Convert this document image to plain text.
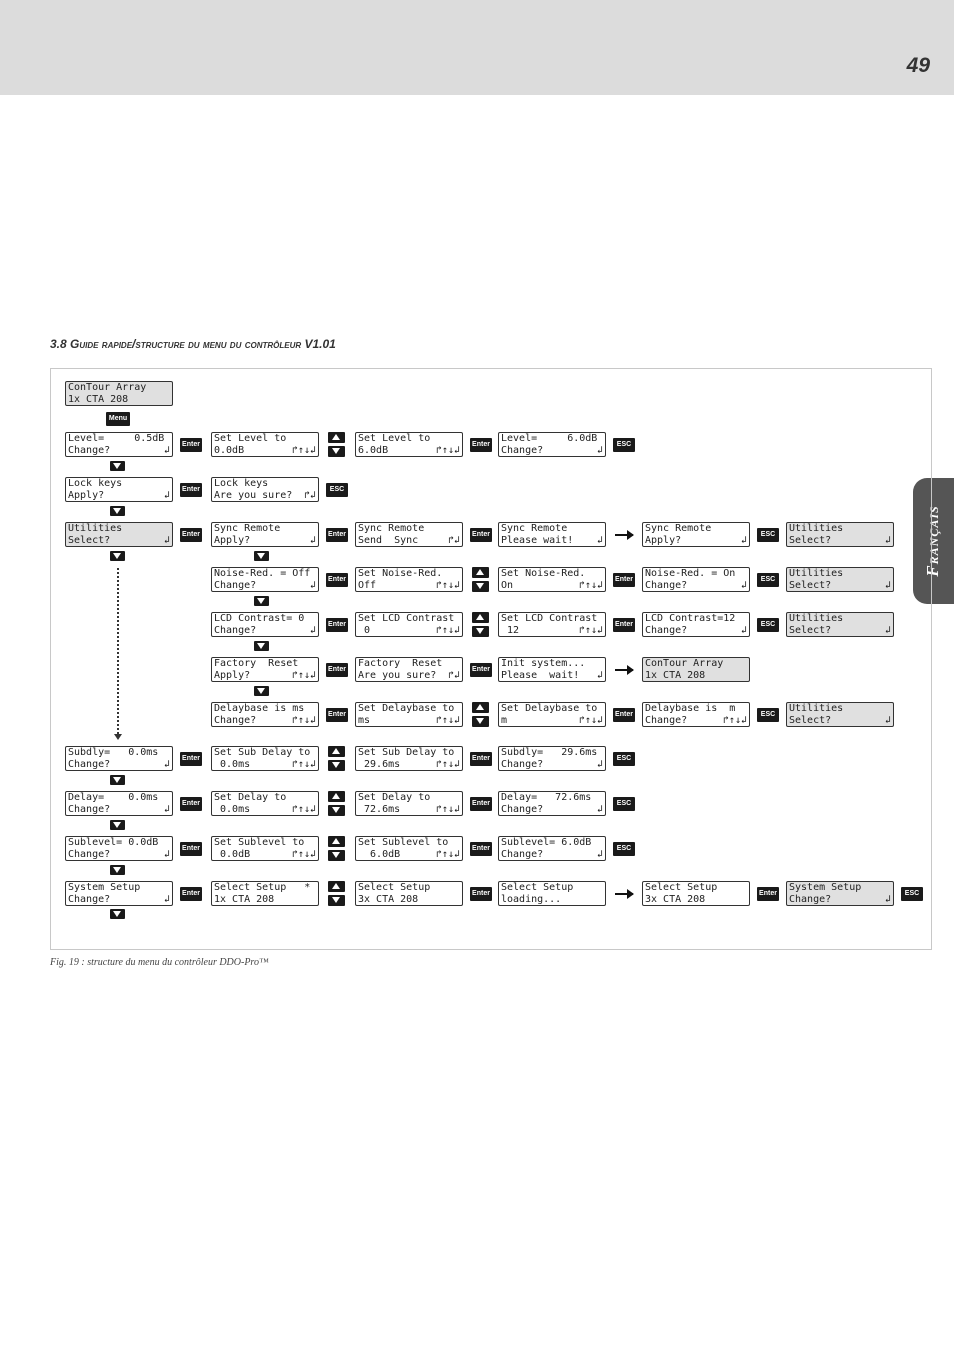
49
3.8 Guide rapide/structure du menu du contrôleur V1.01
Français
ConTour Array
1x CTA 208
Menu
Level=     0.5dB
Change?	↲
Set Level to
0.0dB	↱↑↓↲
Set Level to
6.0dB	↱↑↓↲
Level=     6.0dB
Change?	↲
Enter	Enter	ESC
Lock keys
Apply?	↲
Lock keys
Are you sure? ↱↲
Enter	ESC
Utilities
Select?	↲
Sync Remote
Apply?	↲
Sync Remote
Send  Sync	↱↲
Sync Remote
Please wait! ↲
Sync Remote
Apply?	↲
Utilities
Select?	↲
Enter	Enter	Enter	ESC
Noise-Red. = Off
Change?	↲
Set Noise-Red.
Off	↱↑↓↲
Set Noise-Red.
On	↱↑↓↲
Noise-Red. = On
Change?	↲
Utilities
Select?	↲
Enter	Enter	ESC
LCD Contrast= 0
Change?	↲
Set LCD Contrast
0	↱↑↓↲
Set LCD Contrast
12	↱↑↓↲
LCD Contrast=12
Change?	↲
Utilities
Select?	↲
Enter	Enter	ESC
Factory  Reset
Apply?	↱↑↓↲
Factory  Reset
Are you sure? ↱↲
Init system...
Please  wait! ↲
ConTour Array
1x CTA 208
Enter	Enter
Delaybase is ms
Change?	↱↑↓↲
Set Delaybase to
ms	↱↑↓↲
Set Delaybase to
m	↱↑↓↲
Delaybase is  m
Change?	↱↑↓↲
Utilities
Select?	↲
Enter	Enter	ESC
Subdly=   0.0ms
Change?	↲
Set Sub Delay to
0.0ms	↱↑↓↲
Set Sub Delay to
29.6ms	↱↑↓↲
Subdly=   29.6ms
Change?	↲
Enter	Enter	ESC
Delay=    0.0ms
Change?	↲
Set Delay to
0.0ms	↱↑↓↲
Set Delay to
72.6ms	↱↑↓↲
Delay=   72.6ms
Change?	↲
Enter	Enter	ESC
Sublevel= 0.0dB
Change?	↲
Set Sublevel to
0.0dB	↱↑↓↲
Set Sublevel to
6.0dB	↱↑↓↲
Sublevel= 6.0dB
Change?	↲
Enter	Enter	ESC
System Setup
Change?	↲
Select Setup   *
1x CTA 208
Select Setup
3x CTA 208
Select Setup
loading...
Select Setup
3x CTA 208
System Setup
Change?	↲
Enter	Enter	Enter	ESC
Fig. 19 : structure du menu du contrôleur DDO-Pro™
